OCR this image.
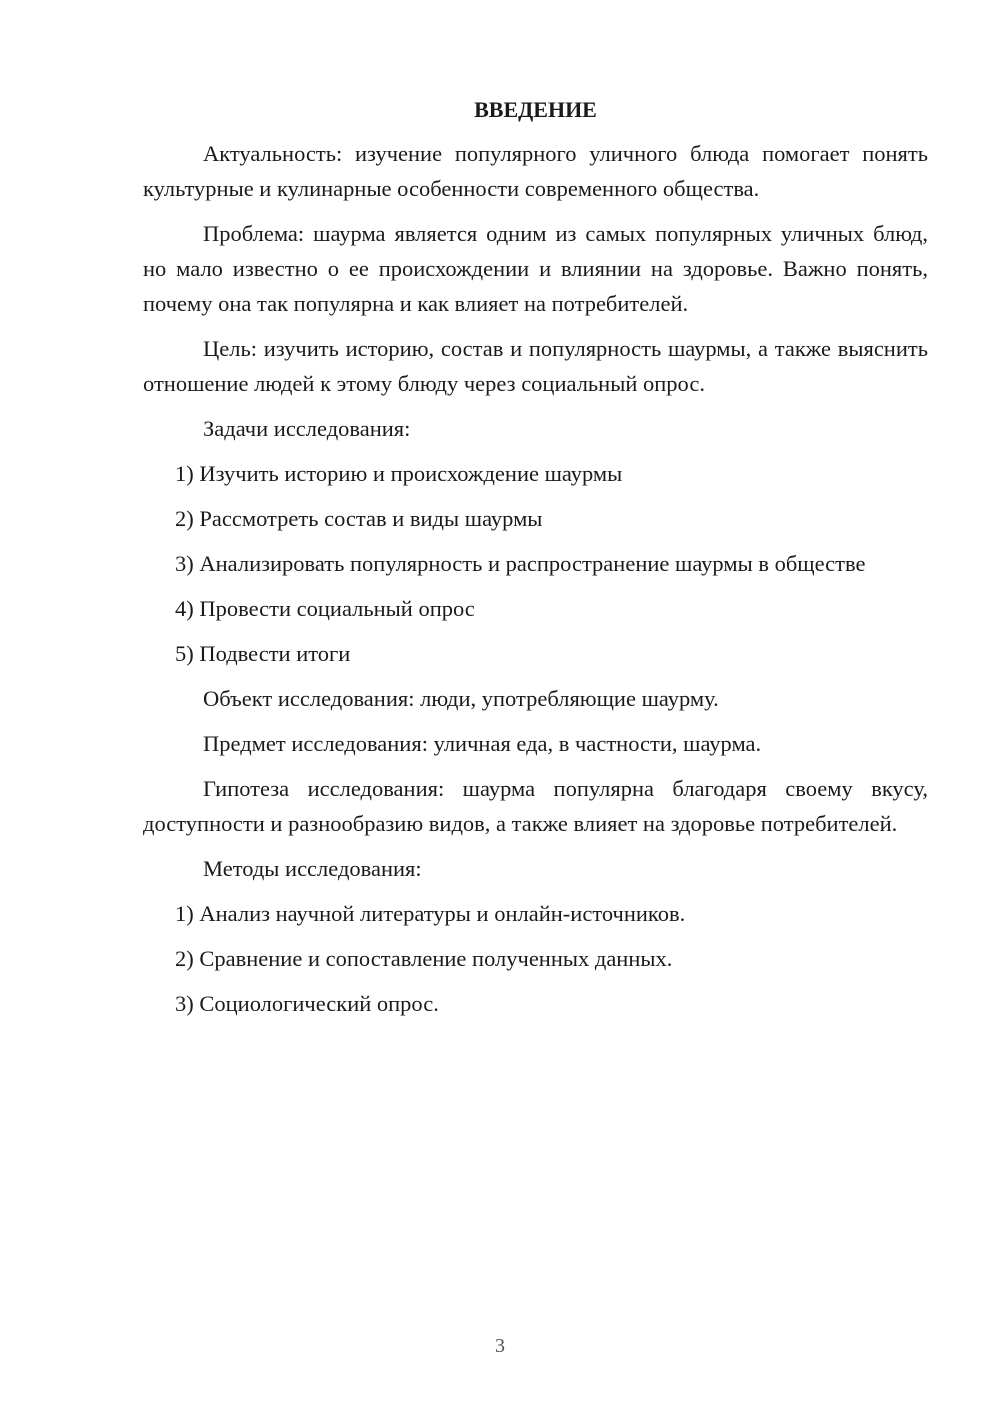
ВВЕДЕНИЕ

Актуальность: изучение популярного уличного блюда помогает понять культурные и кулинарные особенности современного общества.

Проблема: шаурма является одним из самых популярных уличных блюд, но мало известно о ее происхождении и влиянии на здоровье. Важно понять, почему она так популярна и как влияет на потребителей.

Цель: изучить историю, состав и популярность шаурмы, а также выяснить отношение людей к этому блюду через социальный опрос.

Задачи исследования:

1) Изучить историю и происхождение шаурмы

2) Рассмотреть состав и виды шаурмы

3) Анализировать популярность и распространение шаурмы в обществе

4) Провести социальный опрос

5) Подвести итоги

Объект исследования: люди, употребляющие шаурму.

Предмет исследования: уличная еда, в частности, шаурма.

Гипотеза исследования: шаурма популярна благодаря своему вкусу, доступности и разнообразию видов, а также влияет на здоровье потребителей.

Методы исследования:

1) Анализ научной литературы и онлайн-источников.

2) Сравнение и сопоставление полученных данных.

3) Социологический опрос.

3
